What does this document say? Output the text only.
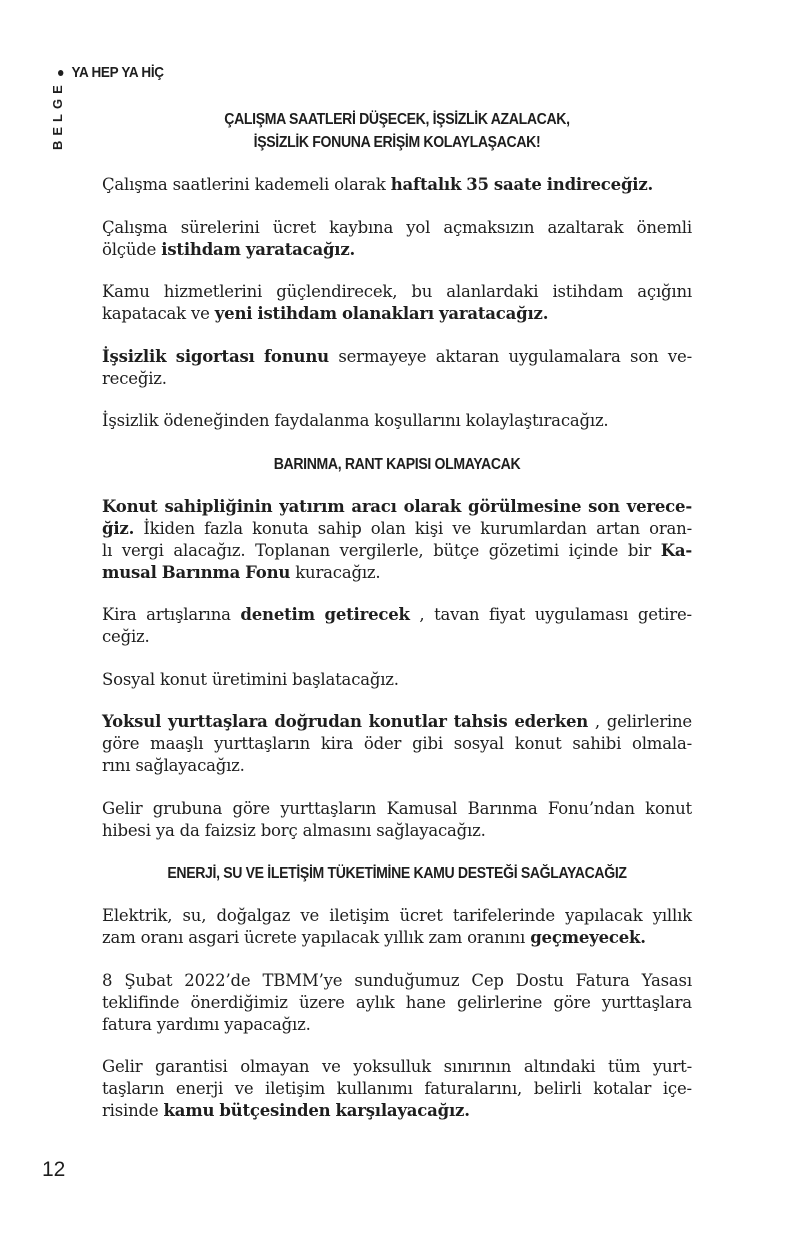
YA HEP YA HİÇ
BELGE	ÇALIŞMA SAATLERİ DÜŞECEK, İŞSİZLİK AZALACAK,
İŞSİZLİK FONUNA ERİŞİM KOLAYLAŞACAK!
Çalışma
saatlerini
kademeli
olarak
haftalık
35
saate
indireceğiz.
Çalışma sürelerini ücret kaybına yol açmaksızın azaltarak önemli
ölçüde
istihdam
yaratacağız.
Kamu hizmetlerini güçlendirecek, bu alanlardaki istihdam açığını
kapatacak
ve
yeni
istihdam
olanakları
yaratacağız.
İşsizlik sigortası fonunu sermayeye aktaran uygulamalara son ve-
receğiz.
İşsizlik
ödeneğinden
faydalanma
koşullarını
kolaylaştıracağız.
BARINMA, RANT KAPISI OLMAYACAK
Konut sahipliğinin yatırım aracı olarak görülmesine son verece-
ğiz. İkiden fazla konuta sahip olan kişi ve kurumlardan artan oran-
lı vergi alacağız. Toplanan vergilerle, bütçe gözetimi içinde bir Ka-
musal
Barınma
Fonu
kuracağız.
Kira artışlarına denetim getirecek , tavan fiyat uygulaması getire-
ceğiz.
Sosyal
konut
üretimini
başlatacağız.
Yoksul yurttaşlara doğrudan konutlar tahsis ederken , gelirlerine
göre maaşlı yurttaşların kira öder gibi sosyal konut sahibi olmala-
rını
sağlayacağız.
Gelir grubuna göre yurttaşların Kamusal Barınma Fonu’ndan konut
hibesi
ya
da
faizsiz
borç
almasını
sağlayacağız.
ENERJİ, SU VE İLETİŞİM TÜKETİMİNE KAMU DESTEĞİ SAĞLAYACAĞIZ
Elektrik, su, doğalgaz ve iletişim ücret tarifelerinde yapılacak yıllık
zam
oranı
asgari
ücrete
yapılacak
yıllık
zam
oranını
geçmeyecek.
8 Şubat 2022’de TBMM’ye sunduğumuz Cep Dostu Fatura Yasası
teklifinde önerdiğimiz üzere aylık hane gelirlerine göre yurttaşlara
fatura
yardımı
yapacağız.
Gelir garantisi olmayan ve yoksulluk sınırının altındaki tüm yurt-
taşların enerji ve iletişim kullanımı faturalarını, belirli kotalar içe-
risinde
kamu
bütçesinden
karşılayacağız.
12
